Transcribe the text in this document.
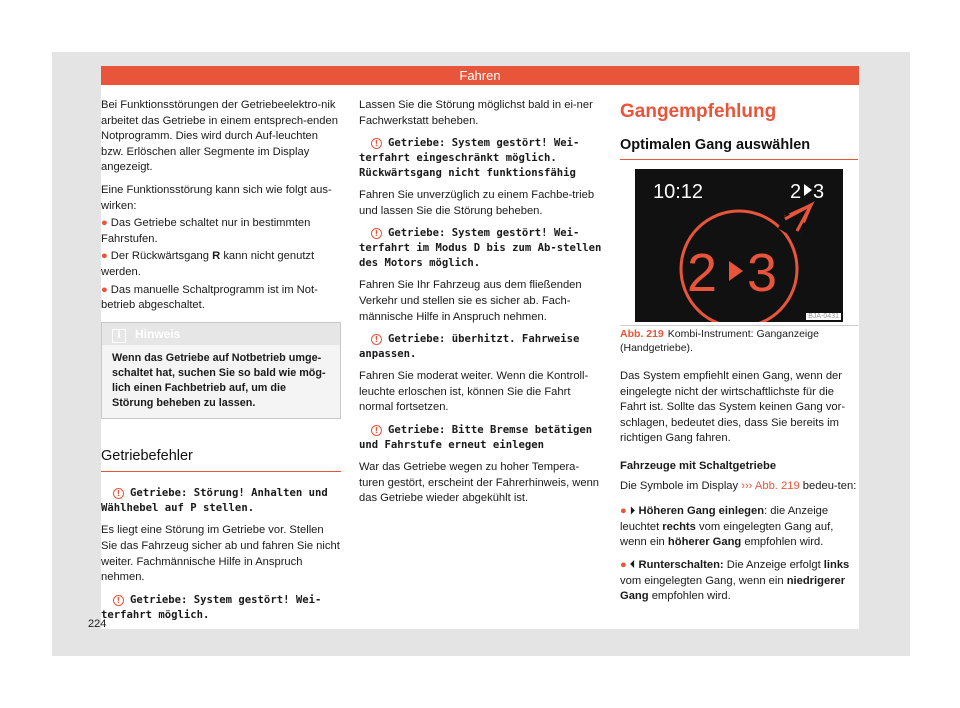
Fahren

Bei Funktionsstörungen der Getriebeelektro-nik arbeitet das Getriebe in einem entsprech-enden Notprogramm. Dies wird durch Auf-leuchten bzw. Erlöschen aller Segmente im Display angezeigt.

Eine Funktionsstörung kann sich wie folgt aus-wirken:

● Das Getriebe schaltet nur in bestimmten Fahrstufen.

● Der Rückwärtsgang R kann nicht genutzt werden.

● Das manuelle Schaltprogramm ist im Not-betrieb abgeschaltet.

i Hinweis
Wenn das Getriebe auf Notbetrieb umge-schaltet hat, suchen Sie so bald wie mög-lich einen Fachbetrieb auf, um die Störung beheben zu lassen.
Getriebefehler
! Getriebe: Störung! Anhalten und Wählhebel auf P stellen.

Es liegt eine Störung im Getriebe vor. Stellen Sie das Fahrzeug sicher ab und fahren Sie nicht weiter. Fachmännische Hilfe in Anspruch nehmen.

! Getriebe: System gestört! Wei-terfahrt möglich.

Lassen Sie die Störung möglichst bald in ei-ner Fachwerkstatt beheben.

! Getriebe: System gestört! Wei-terfahrt eingeschränkt möglich. Rückwärtsgang nicht funktionsfähig

Fahren Sie unverzüglich zu einem Fachbe-trieb und lassen Sie die Störung beheben.

! Getriebe: System gestört! Wei-terfahrt im Modus D bis zum Ab-stellen des Motors möglich.

Fahren Sie Ihr Fahrzeug aus dem fließenden Verkehr und stellen sie es sicher ab. Fach-männische Hilfe in Anspruch nehmen.

! Getriebe: überhitzt. Fahrweise anpassen.

Fahren Sie moderat weiter. Wenn die Kontroll-leuchte erloschen ist, können Sie die Fahrt normal fortsetzen.

! Getriebe: Bitte Bremse betätigen und Fahrstufe erneut einlegen

War das Getriebe wegen zu hoher Tempera-turen gestört, erscheint der Fahrerhinweis, wenn das Getriebe wieder abgekühlt ist.

Gangempfehlung
Optimalen Gang auswählen
10:12	2 3
2 3
BJA-0431
Abb. 219 Kombi-Instrument: Ganganzeige (Handgetriebe).

Das System empfiehlt einen Gang, wenn der eingelegte nicht der wirtschaftlichste für die Fahrt ist. Sollte das System keinen Gang vor-schlagen, bedeutet dies, dass Sie bereits im richtigen Gang fahren.

Fahrzeuge mit Schaltgetriebe

Die Symbole im Display ››› Abb. 219 bedeu-ten:

● ⏵ Höheren Gang einlegen: die Anzeige leuchtet rechts vom eingelegten Gang auf, wenn ein höherer Gang empfohlen wird.

● ⏴ Runterschalten: Die Anzeige erfolgt links vom eingelegten Gang, wenn ein niedrigerer Gang empfohlen wird.

224
